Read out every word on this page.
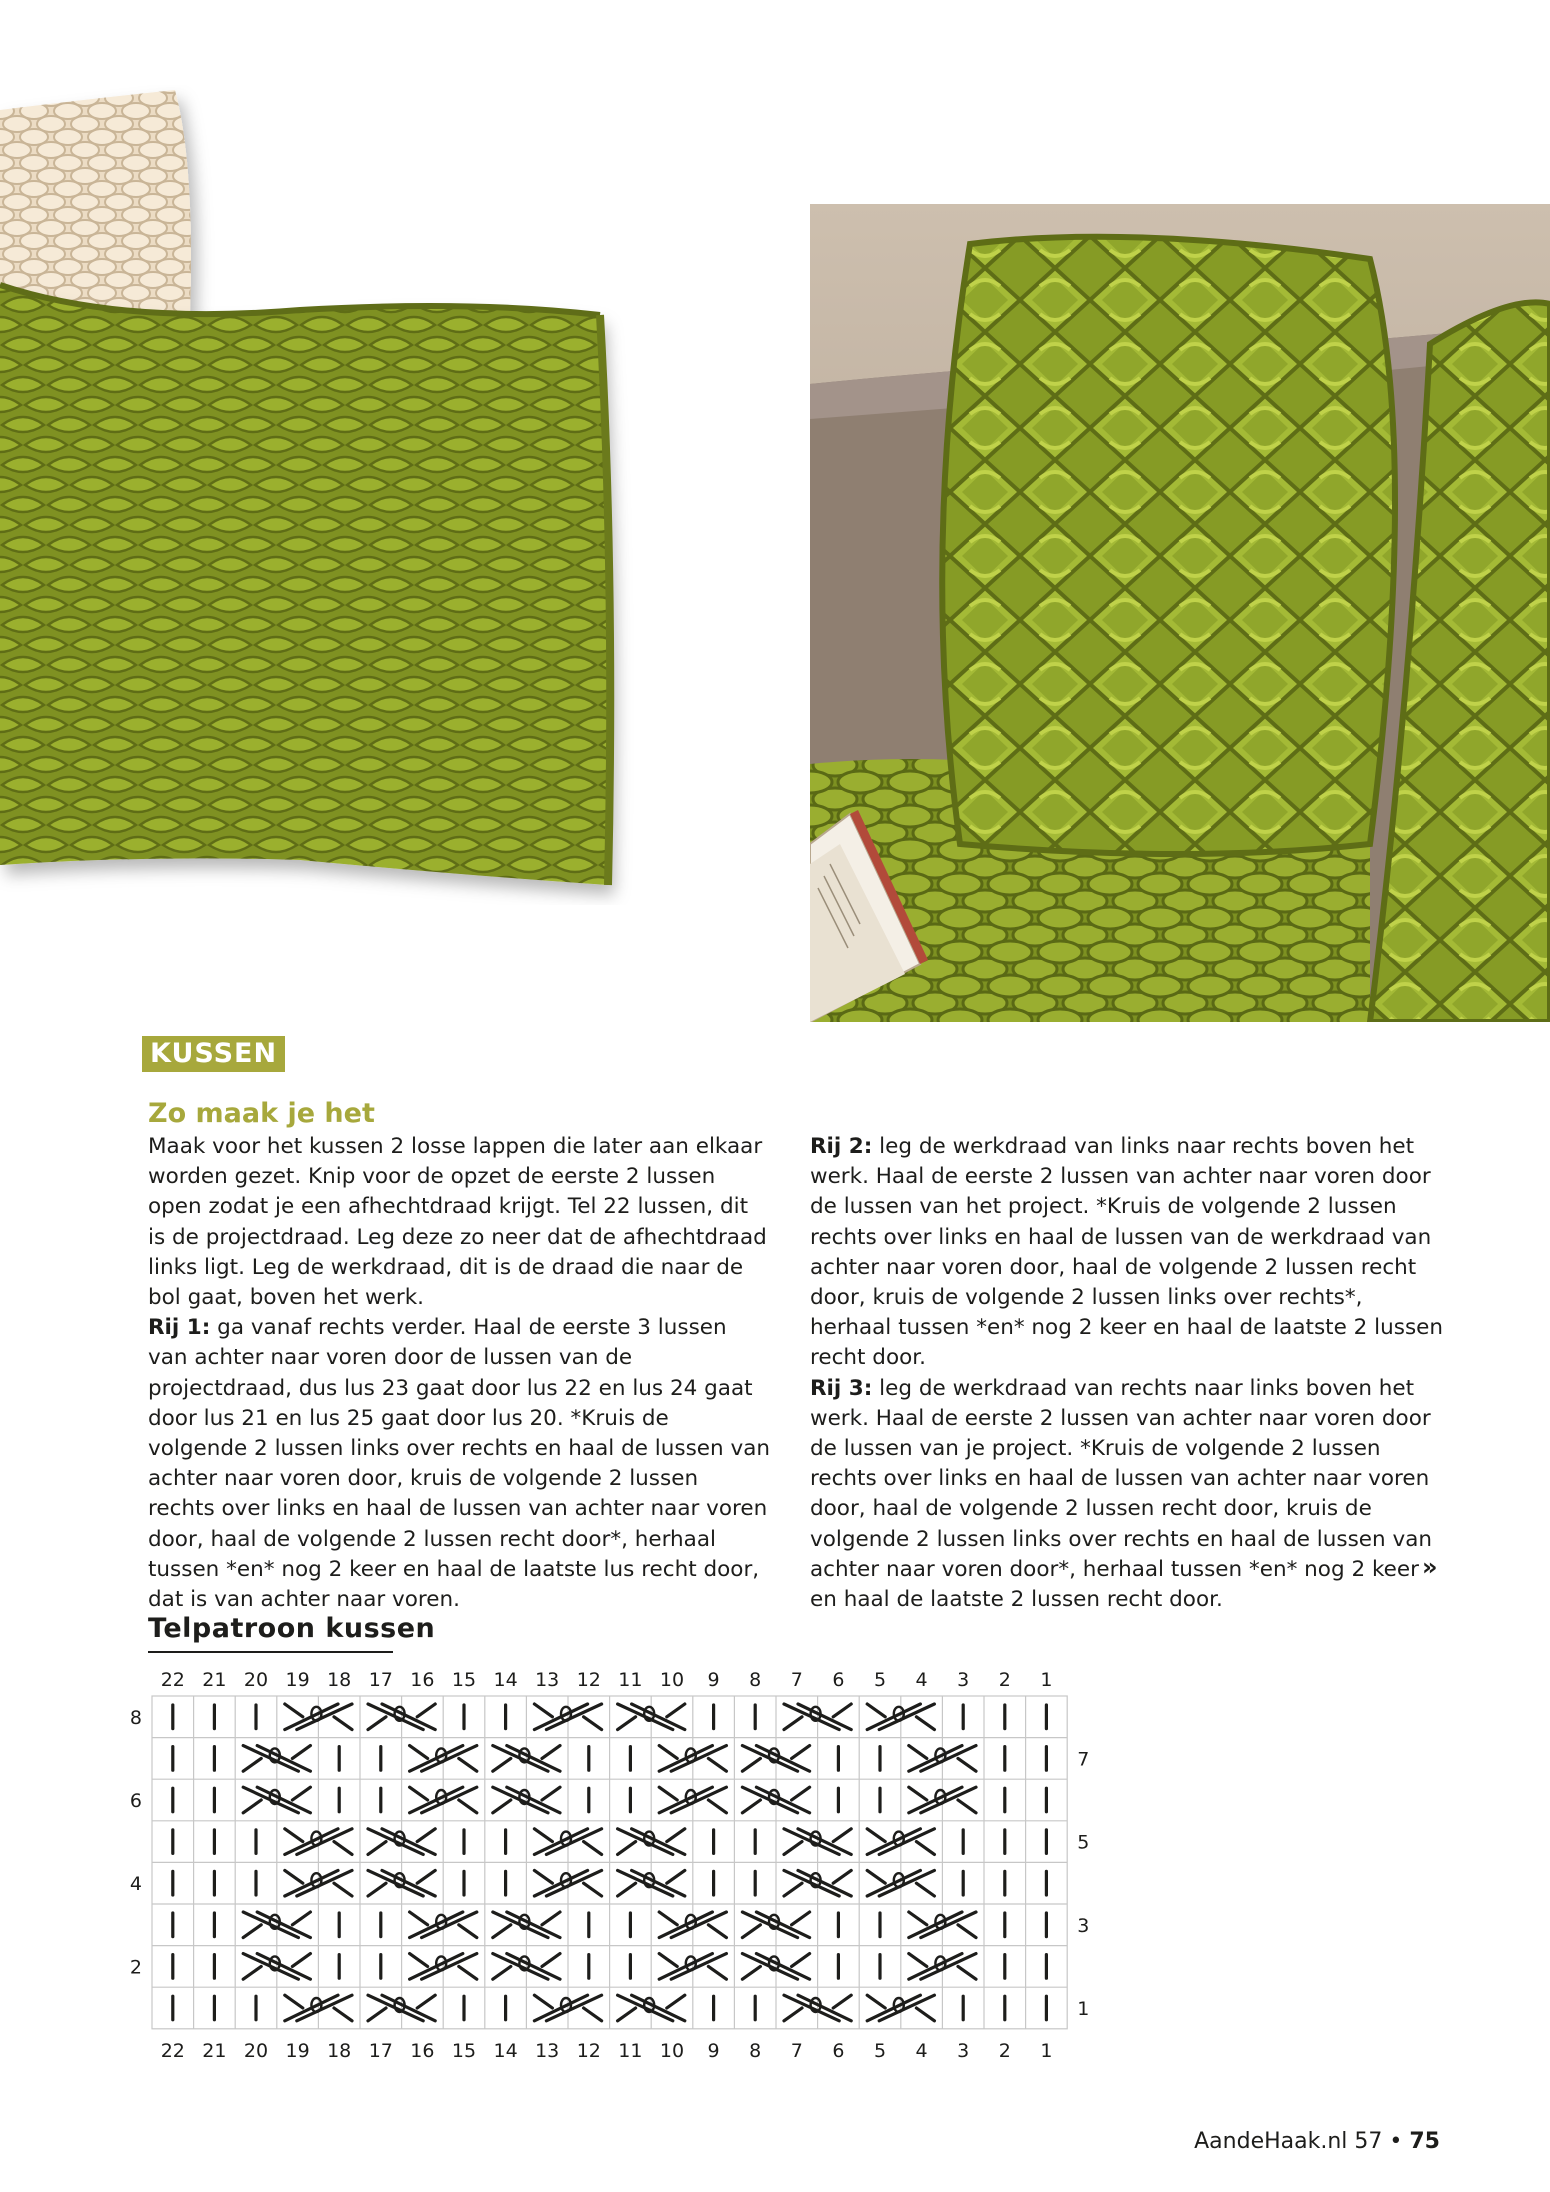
KUSSEN
Zo maak je het

Maak voor het kussen 2 losse lappen die later aan elkaar worden gezet. Knip voor de opzet de eerste 2 lussen open zodat je een afhechtdraad krijgt. Tel 22 lussen, dit is de projectdraad. Leg deze zo neer dat de afhechtdraad links ligt. Leg de werkdraad, dit is de draad die naar de bol gaat, boven het werk.

Rij 1: ga vanaf rechts verder. Haal de eerste 3 lussen van achter naar voren door de lussen van de projectdraad, dus lus 23 gaat door lus 22 en lus 24 gaat door lus 21 en lus 25 gaat door lus 20. *Kruis de volgende 2 lussen links over rechts en haal de lussen van achter naar voren door, kruis de volgende 2 lussen rechts over links en haal de lussen van achter naar voren door, haal de volgende 2 lussen recht door*, herhaal tussen *en* nog 2 keer en haal de laatste lus recht door, dat is van achter naar voren.

Rij 2: leg de werkdraad van links naar rechts boven het werk. Haal de eerste 2 lussen van achter naar voren door de lussen van het project. *Kruis de volgende 2 lussen rechts over links en haal de lussen van de werkdraad van achter naar voren door, haal de volgende 2 lussen recht door, kruis de volgende 2 lussen links over rechts*, herhaal tussen *en* nog 2 keer en haal de laatste 2 lussen recht door.

Rij 3: leg de werkdraad van rechts naar links boven het werk. Haal de eerste 2 lussen van achter naar voren door de lussen van je project. *Kruis de volgende 2 lussen rechts over links en haal de lussen van achter naar voren door, haal de volgende 2 lussen recht door, kruis de volgende 2 lussen links over rechts en haal de lussen van achter naar voren door*, herhaal tussen *en* nog 2 keer en haal de laatste 2 lussen recht door.

»
Telpatroon kussen
22
22
21
21
20
20
19
19
18
18
17
17
16
16
15
15
14
14
13
13
12
12
11
11
10
10
9
9
8
8
7
7
6
6
5
5
4
4
3
3
2
2
1
1
8
6
4
2
7
5
3
1
AandeHaak.nl 57 • 75
